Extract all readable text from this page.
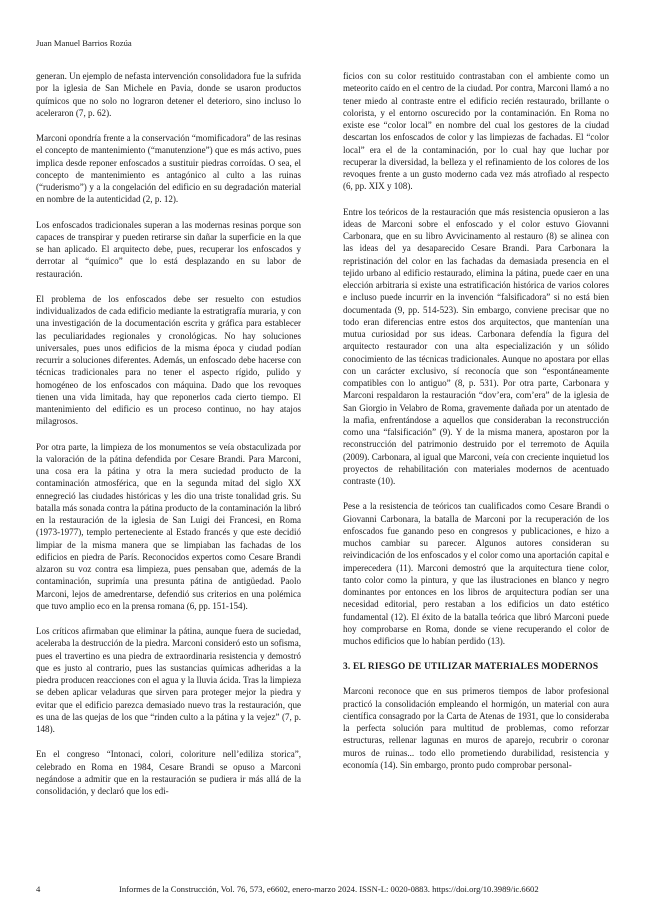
Juan Manuel Barrios Rozúa

generan. Un ejemplo de nefasta intervención consolidadora fue la sufrida por la iglesia de San Michele en Pavia, donde se usaron productos químicos que no solo no lograron detener el deterioro, sino incluso lo aceleraron (7, p. 62).

Marconi opondría frente a la conservación “momificadora” de las resinas el concepto de mantenimiento (“manutenzione”) que es más activo, pues implica desde reponer enfoscados a sustituir piedras corroídas. O sea, el concepto de mantenimiento es antagónico al culto a las ruinas (“ruderismo”) y a la congelación del edificio en su degradación material en nombre de la autenticidad (2, p. 12).

Los enfoscados tradicionales superan a las modernas resinas porque son capaces de transpirar y pueden retirarse sin dañar la superficie en la que se han aplicado. El arquitecto debe, pues, recuperar los enfoscados y derrotar al “químico” que lo está desplazando en su labor de restauración.

El problema de los enfoscados debe ser resuelto con estudios individualizados de cada edificio mediante la estratigrafía muraria, y con una investigación de la documentación escrita y gráfica para establecer las peculiaridades regionales y cronológicas. No hay soluciones universales, pues unos edificios de la misma época y ciudad podían recurrir a soluciones diferentes. Además, un enfoscado debe hacerse con técnicas tradicionales para no tener el aspecto rígido, pulido y homogéneo de los enfoscados con máquina. Dado que los revoques tienen una vida limitada, hay que reponerlos cada cierto tiempo. El mantenimiento del edificio es un proceso continuo, no hay atajos milagrosos.

Por otra parte, la limpieza de los monumentos se veía obstaculizada por la valoración de la pátina defendida por Cesare Brandi. Para Marconi, una cosa era la pátina y otra la mera suciedad producto de la contaminación atmosférica, que en la segunda mitad del siglo XX ennegreció las ciudades históricas y les dio una triste tonalidad gris. Su batalla más sonada contra la pátina producto de la contaminación la libró en la restauración de la iglesia de San Luigi dei Francesi, en Roma (1973-1977), templo perteneciente al Estado francés y que este decidió limpiar de la misma manera que se limpiaban las fachadas de los edificios en piedra de París. Reconocidos expertos como Cesare Brandi alzaron su voz contra esa limpieza, pues pensaban que, además de la contaminación, suprimía una presunta pátina de antigüedad. Paolo Marconi, lejos de amedrentarse, defendió sus criterios en una polémica que tuvo amplio eco en la prensa romana (6, pp. 151-154).

Los críticos afirmaban que eliminar la pátina, aunque fuera de suciedad, aceleraba la destrucción de la piedra. Marconi consideró esto un sofisma, pues el travertino es una piedra de extraordinaria resistencia y demostró que es justo al contrario, pues las sustancias químicas adheridas a la piedra producen reacciones con el agua y la lluvia ácida. Tras la limpieza se deben aplicar veladuras que sirven para proteger mejor la piedra y evitar que el edificio parezca demasiado nuevo tras la restauración, que es una de las quejas de los que “rinden culto a la pátina y la vejez” (7, p. 148).

En el congreso “Intonaci, colori, coloriture nell’ediliza storica”, celebrado en Roma en 1984, Cesare Brandi se opuso a Marconi negándose a admitir que en la restauración se pudiera ir más allá de la consolidación, y declaró que los edi-

ficios con su color restituido contrastaban con el ambiente como un meteorito caído en el centro de la ciudad. Por contra, Marconi llamó a no tener miedo al contraste entre el edificio recién restaurado, brillante o colorista, y el entorno oscurecido por la contaminación. En Roma no existe ese “color local” en nombre del cual los gestores de la ciudad descartan los enfoscados de color y las limpiezas de fachadas. El “color local” era el de la contaminación, por lo cual hay que luchar por recuperar la diversidad, la belleza y el refinamiento de los colores de los revoques frente a un gusto moderno cada vez más atrofiado al respecto (6, pp. XIX y 108).

Entre los teóricos de la restauración que más resistencia opusieron a las ideas de Marconi sobre el enfoscado y el color estuvo Giovanni Carbonara, que en su libro Avvicinamento al restauro (8) se alinea con las ideas del ya desaparecido Cesare Brandi. Para Carbonara la repristinación del color en las fachadas da demasiada presencia en el tejido urbano al edificio restaurado, elimina la pátina, puede caer en una elección arbitraria si existe una estratificación histórica de varios colores e incluso puede incurrir en la invención “falsificadora” si no está bien documentada (9, pp. 514-523). Sin embargo, conviene precisar que no todo eran diferencias entre estos dos arquitectos, que mantenían una mutua curiosidad por sus ideas. Carbonara defendía la figura del arquitecto restaurador con una alta especialización y un sólido conocimiento de las técnicas tradicionales. Aunque no apostara por ellas con un carácter exclusivo, sí reconocía que son “espontáneamente compatibles con lo antiguo” (8, p. 531). Por otra parte, Carbonara y Marconi respaldaron la restauración “dov’era, com’era” de la iglesia de San Giorgio in Velabro de Roma, gravemente dañada por un atentado de la mafia, enfrentándose a aquellos que consideraban la reconstrucción como una “falsificación” (9). Y de la misma manera, apostaron por la reconstrucción del patrimonio destruido por el terremoto de Aquila (2009). Carbonara, al igual que Marconi, veía con creciente inquietud los proyectos de rehabilitación con materiales modernos de acentuado contraste (10).

Pese a la resistencia de teóricos tan cualificados como Cesare Brandi o Giovanni Carbonara, la batalla de Marconi por la recuperación de los enfoscados fue ganando peso en congresos y publicaciones, e hizo a muchos cambiar su parecer. Algunos autores consideran su reivindicación de los enfoscados y el color como una aportación capital e imperecedera (11). Marconi demostró que la arquitectura tiene color, tanto color como la pintura, y que las ilustraciones en blanco y negro dominantes por entonces en los libros de arquitectura podían ser una necesidad editorial, pero restaban a los edificios un dato estético fundamental (12). El éxito de la batalla teórica que libró Marconi puede hoy comprobarse en Roma, donde se viene recuperando el color de muchos edificios que lo habían perdido (13).

3. EL RIESGO DE UTILIZAR MATERIALES MODERNOS

Marconi reconoce que en sus primeros tiempos de labor profesional practicó la consolidación empleando el hormigón, un material con aura científica consagrado por la Carta de Atenas de 1931, que lo consideraba la perfecta solución para multitud de problemas, como reforzar estructuras, rellenar lagunas en muros de aparejo, recubrir o coronar muros de ruinas... todo ello prometiendo durabilidad, resistencia y economía (14). Sin embargo, pronto pudo comprobar personal-

4	Informes de la Construcción, Vol. 76, 573, e6602, enero-marzo 2024. ISSN-L: 0020-0883. https://doi.org/10.3989/ic.6602
